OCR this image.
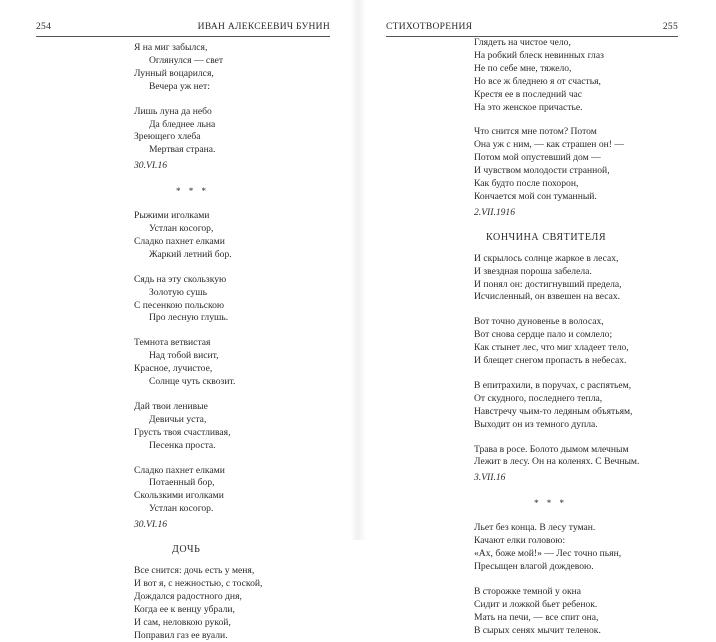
254	ИВАН АЛЕКСЕЕВИЧ БУНИН
Я на миг забылся,
Оглянулся — свет
Лунный воцарился,
Вечера уж нет:
Лишь луна да небо
Да бледнее льна
Зреющего хлеба
Мертвая страна.
30.VI.16
* * *
Рыжими иголками
Устлан косогор,
Сладко пахнет елками
Жаркий летний бор.
Сядь на эту скользкую
Золотую сушь
С песенкою польскою
Про лесную глушь.
Темнота ветвистая
Над тобой висит,
Красное, лучистое,
Солнце чуть сквозит.
Дай твои ленивые
Девичьи уста,
Грусть твоя счастливая,
Песенка проста.
Сладко пахнет елками
Потаенный бор,
Скользкими иголками
Устлан косогор.
30.VI.16
ДОЧЬ
Все снится: дочь есть у меня,
И вот я, с нежностью, с тоской,
Дождался радостного дня,
Когда ее к венцу убрали,
И сам, неловкою рукой,
Поправил газ ее вуали.
СТИХОТВОРЕНИЯ	255
Глядеть на чистое чело,
На робкий блеск невинных глаз
Не по себе мне, тяжело,
Но все ж бледнею я от счастья,
Крестя ее в последний час
На это женское причастье.
Что снится мне потом? Потом
Она уж с ним, — как страшен он! —
Потом мой опустевший дом —
И чувством молодости странной,
Как будто после похорон,
Кончается мой сон туманный.
2.VII.1916
КОНЧИНА СВЯТИТЕЛЯ
И скрылось солнце жаркое в лесах,
И звездная пороша забелела.
И понял он: достигнувший предела,
Исчисленный, он взвешен на весах.
Вот точно дуновенье в волосах,
Вот снова сердце пало и сомлело;
Как стынет лес, что миг хладеет тело,
И блещет снегом пропасть в небесах.
В епитрахили, в поручах, с распятьем,
От скудного, последнего тепла,
Навстречу чьим-то ледяным объятьям,
Выходит он из темного дупла.
Трава в росе. Болото дымом млечным
Лежит в лесу. Он на коленях. С Вечным.
3.VII.16
* * *
Льет без конца. В лесу туман.
Качают елки головою:
«Ах, боже мой!» — Лес точно пьян,
Пресыщен влагой дождевою.
В сторожке темной у окна
Сидит и ложкой бьет ребенок.
Мать на печи, — все спит она,
В сырых сенях мычит теленок.
